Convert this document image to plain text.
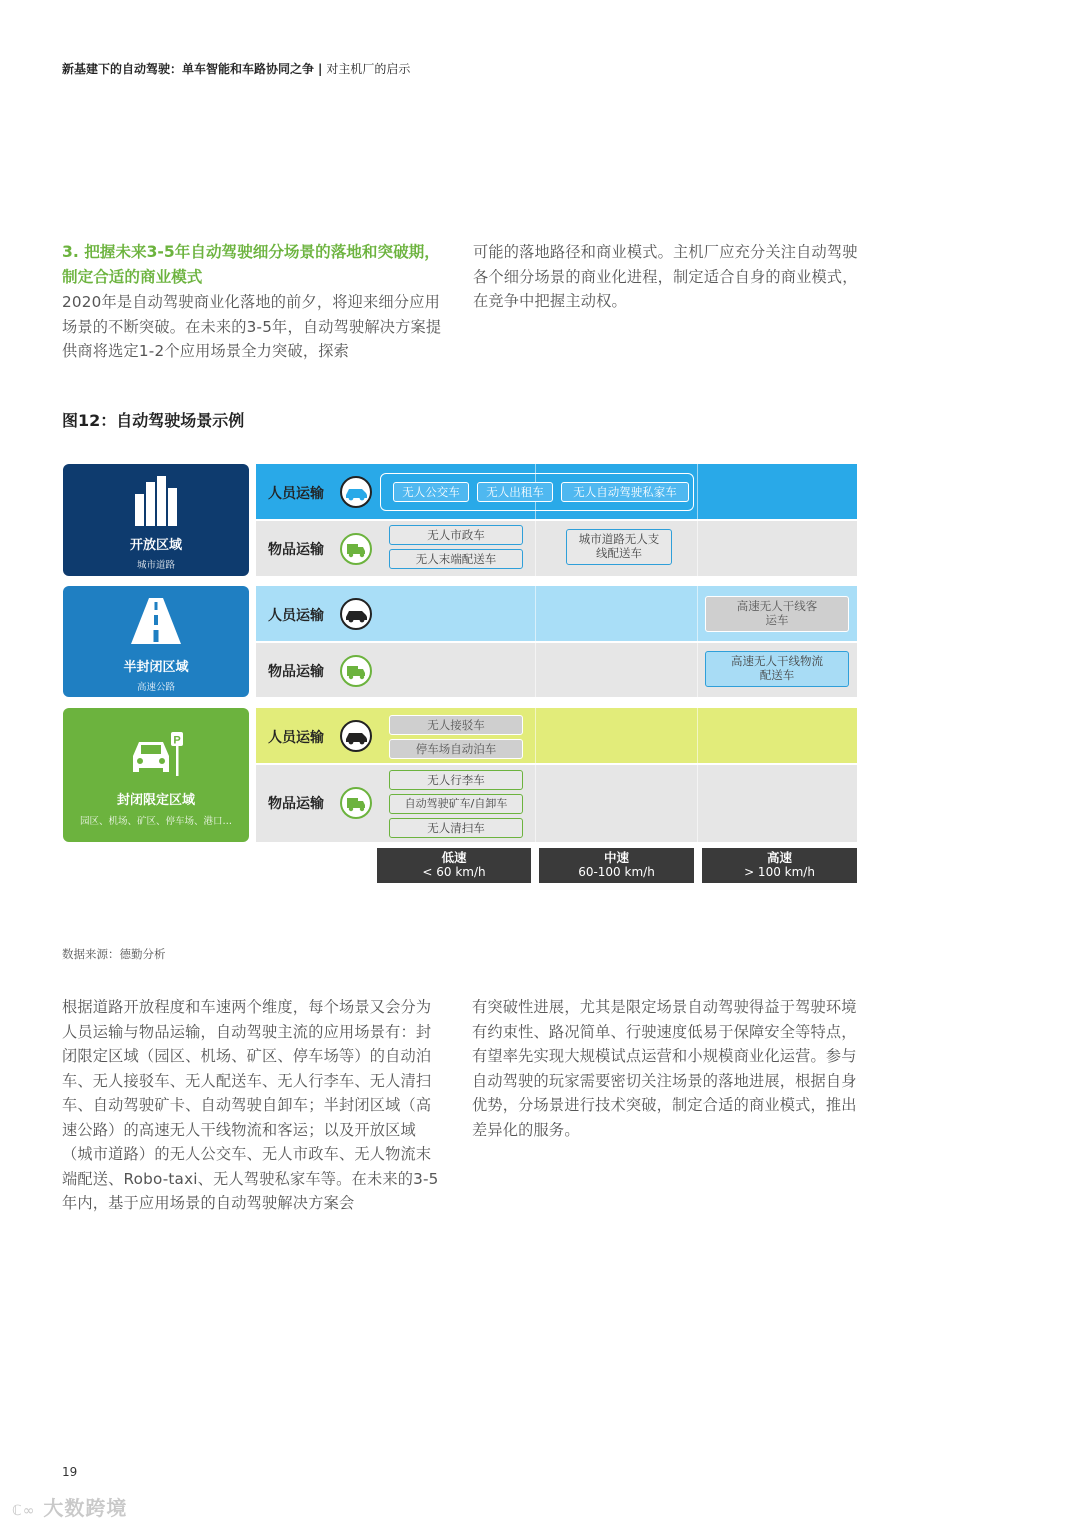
新基建下的自动驾驶：单车智能和车路协同之争 | 对主机厂的启示
3. 把握未来3-5年自动驾驶细分场景的落地和突破期，制定合适的商业模式
2020年是自动驾驶商业化落地的前夕，将迎来细分应用场景的不断突破。在未来的3-5年，自动驾驶解决方案提供商将选定1-2个应用场景全力突破，探索
可能的落地路径和商业模式。主机厂应充分关注自动驾驶各个细分场景的商业化进程，制定适合自身的商业模式，在竞争中把握主动权。
图12：自动驾驶场景示例
开放区域
城市道路
半封闭区域
高速公路
P
封闭限定区域
园区、机场、矿区、停车场、港口…
人员运输
物品运输
人员运输
物品运输
人员运输
物品运输
无人公交车	无人出租车	无人自动驾驶私家车
无人市政车
无人末端配送车
城市道路无人支线配送车
高速无人干线客运车
高速无人干线物流配送车
无人接驳车
停车场自动泊车
无人行李车
自动驾驶矿车/自卸车
无人清扫车
低速
< 60 km/h
中速
60-100 km/h
高速
> 100 km/h
数据来源：德勤分析
根据道路开放程度和车速两个维度，每个场景又会分为人员运输与物品运输，自动驾驶主流的应用场景有：封闭限定区域（园区、机场、矿区、停车场等）的自动泊车、无人接驳车、无人配送车、无人行李车、无人清扫车、自动驾驶矿卡、自动驾驶自卸车；半封闭区域（高速公路）的高速无人干线物流和客运；以及开放区域（城市道路）的无人公交车、无人市政车、无人物流末端配送、Robo-taxi、无人驾驶私家车等。在未来的3-5年内，基于应用场景的自动驾驶解决方案会
有突破性进展，尤其是限定场景自动驾驶得益于驾驶环境有约束性、路况简单、行驶速度低易于保障安全等特点，有望率先实现大规模试点运营和小规模商业化运营。参与自动驾驶的玩家需要密切关注场景的落地进展，根据自身优势，分场景进行技术突破，制定合适的商业模式，推出差异化的服务。
19
ℂ∞ 大数跨境
